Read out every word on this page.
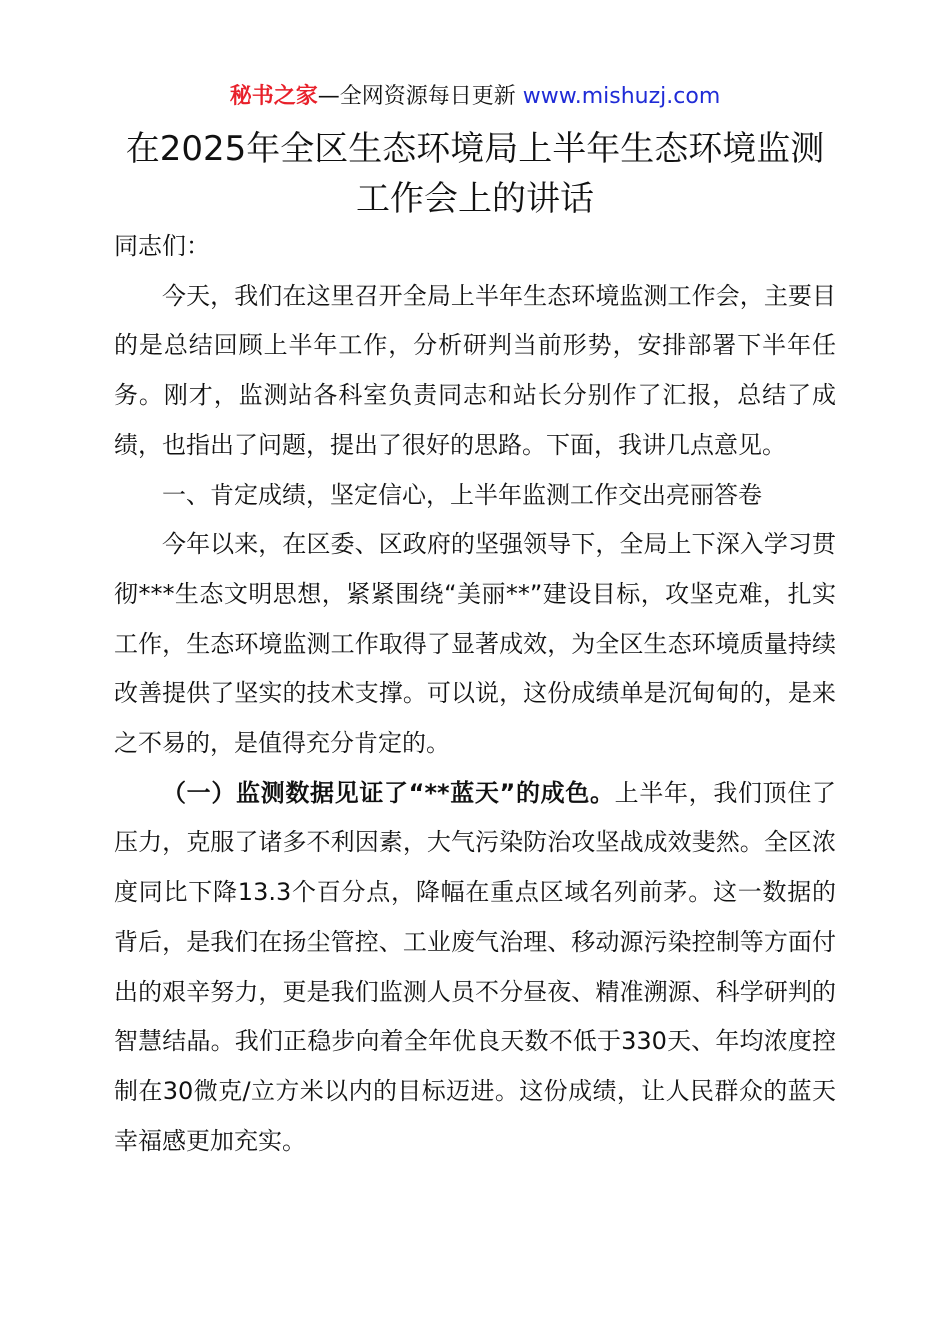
秘书之家—全网资源每日更新 www.mishuzj.com
在2025年全区生态环境局上半年生态环境监测工作会上的讲话

同志们：

今天，我们在这里召开全局上半年生态环境监测工作会，主要目的是总结回顾上半年工作，分析研判当前形势，安排部署下半年任务。刚才，监测站各科室负责同志和站长分别作了汇报，总结了成绩，也指出了问题，提出了很好的思路。下面，我讲几点意见。

一、肯定成绩，坚定信心，上半年监测工作交出亮丽答卷

今年以来，在区委、区政府的坚强领导下，全局上下深入学习贯彻***生态文明思想，紧紧围绕“美丽**”建设目标，攻坚克难，扎实工作，生态环境监测工作取得了显著成效，为全区生态环境质量持续改善提供了坚实的技术支撑。可以说，这份成绩单是沉甸甸的，是来之不易的，是值得充分肯定的。

（一）监测数据见证了“**蓝天”的成色。上半年，我们顶住了压力，克服了诸多不利因素，大气污染防治攻坚战成效斐然。全区浓度同比下降13.3个百分点，降幅在重点区域名列前茅。这一数据的背后，是我们在扬尘管控、工业废气治理、移动源污染控制等方面付出的艰辛努力，更是我们监测人员不分昼夜、精准溯源、科学研判的智慧结晶。我们正稳步向着全年优良天数不低于330天、年均浓度控制在30微克/立方米以内的目标迈进。这份成绩，让人民群众的蓝天幸福感更加充实。
